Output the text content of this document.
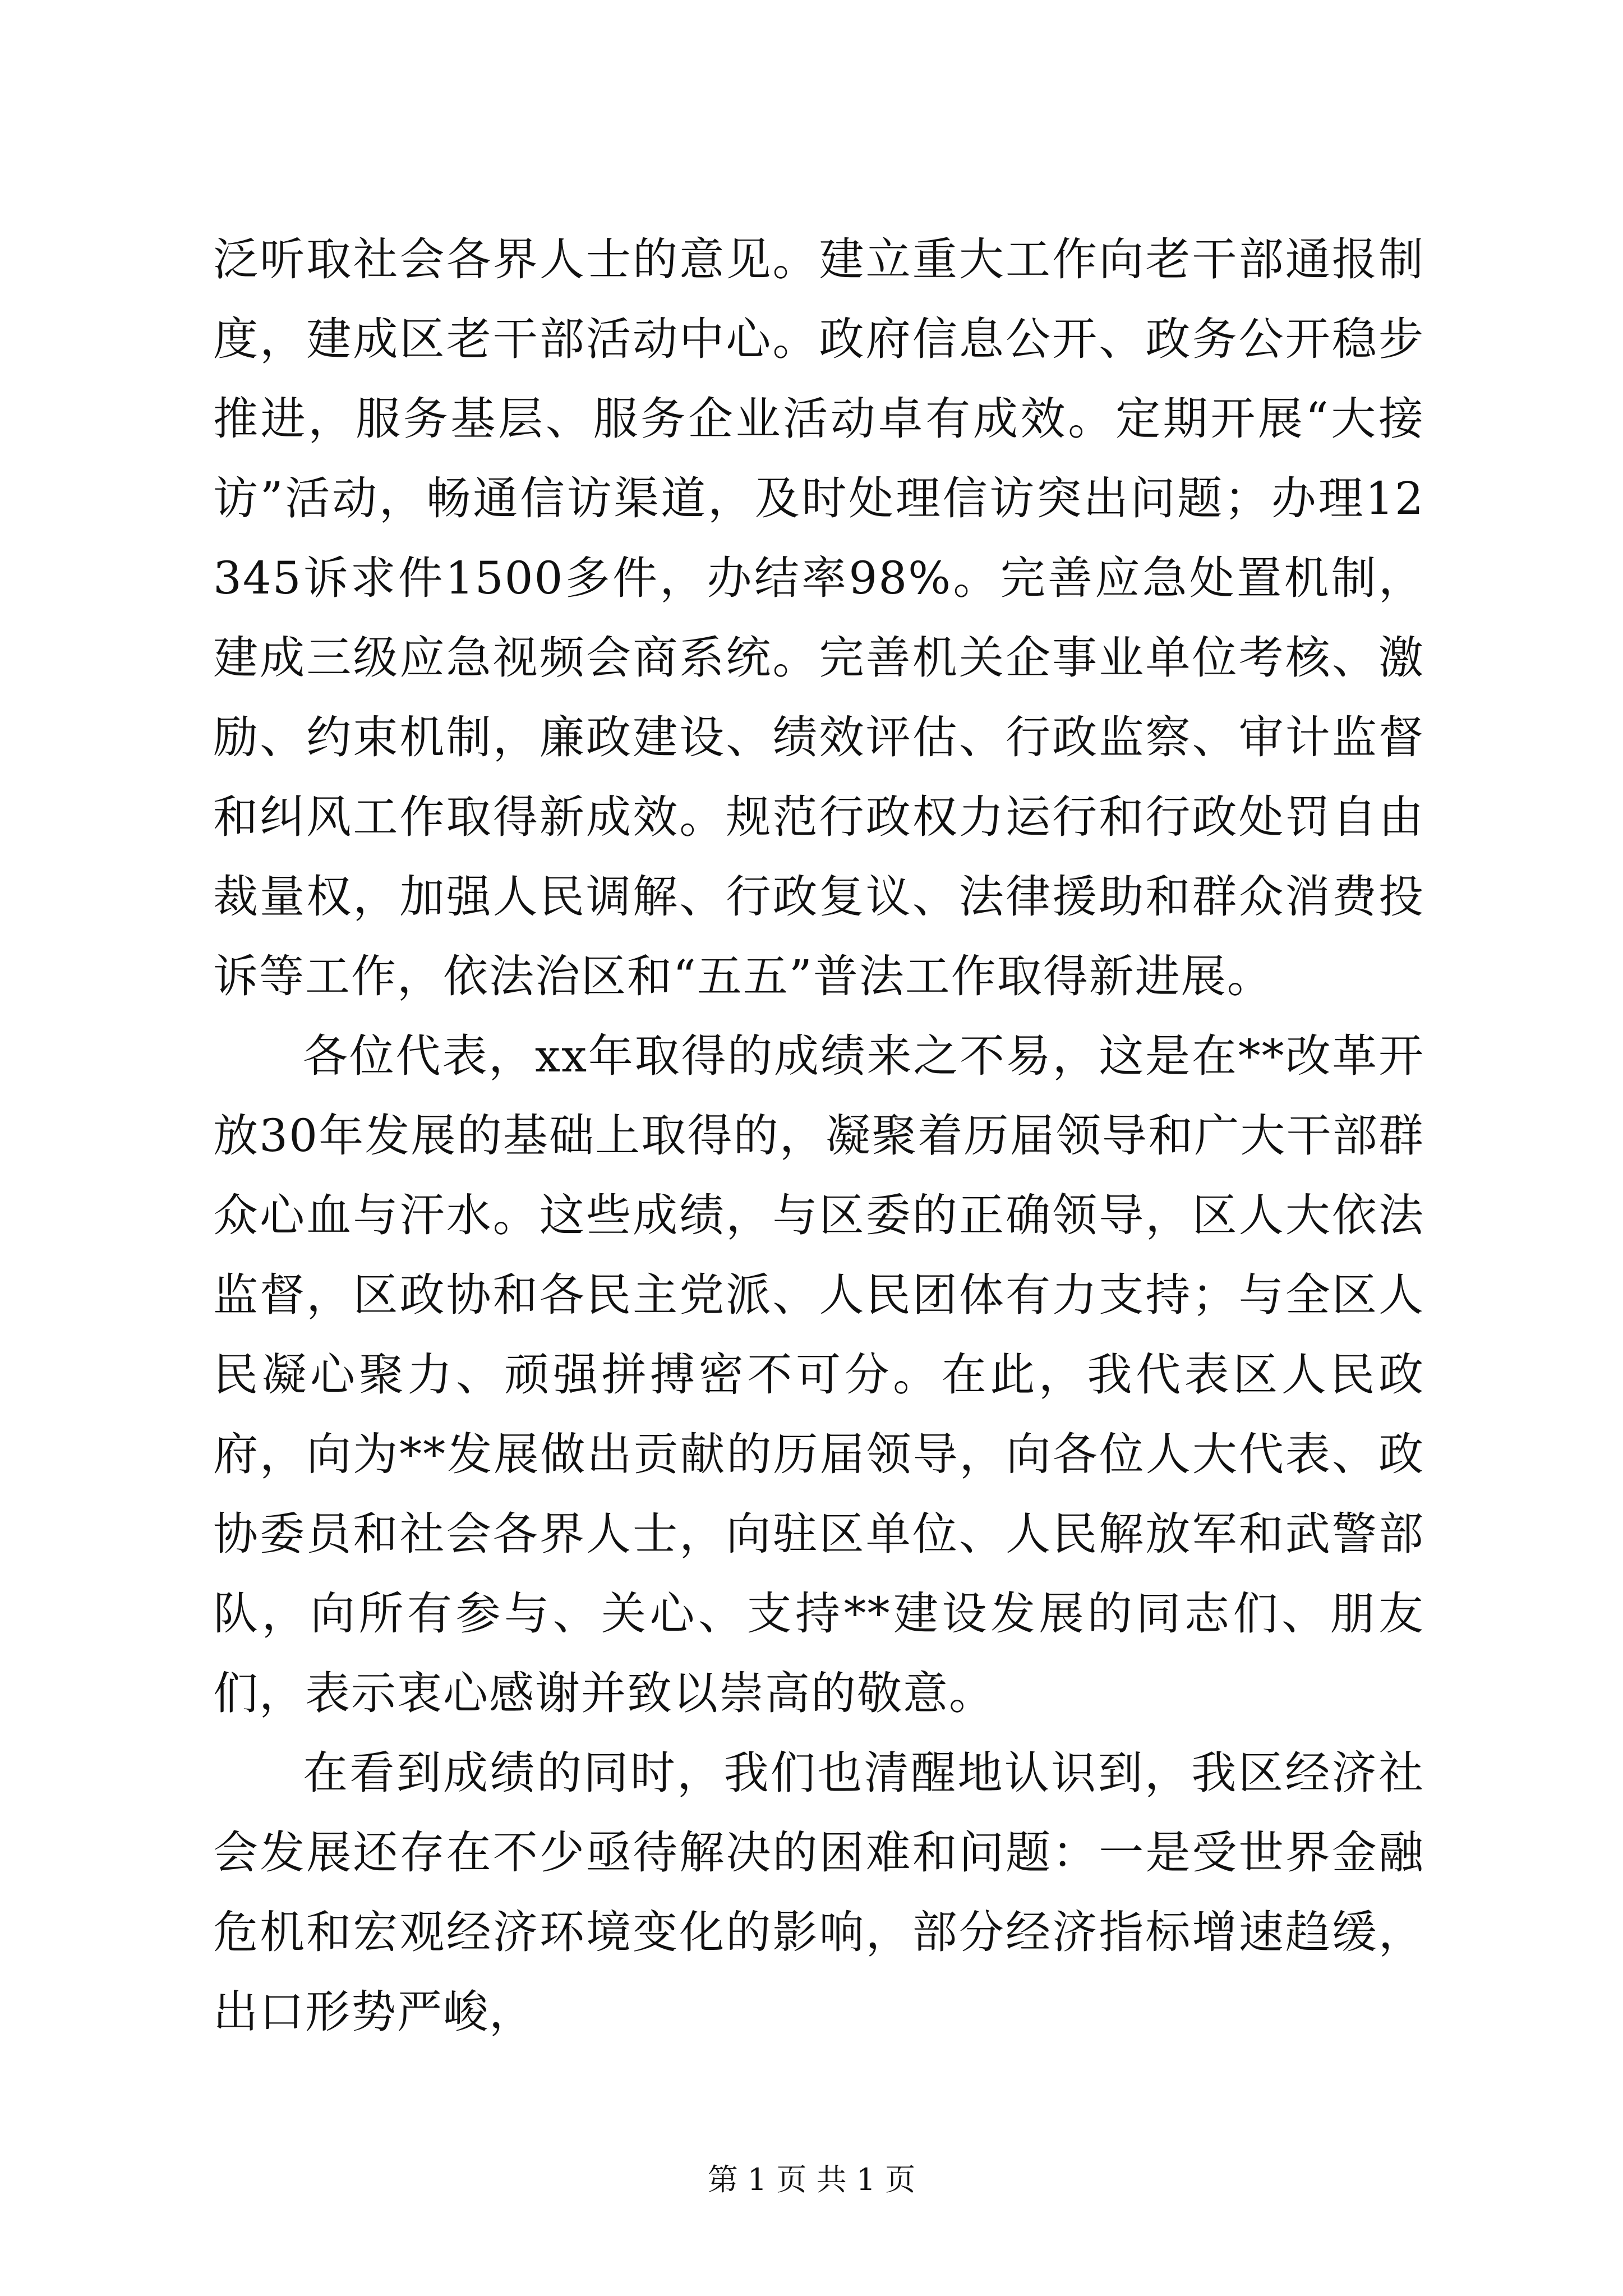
泛听取社会各界人士的意见。建立重大工作向老干部通报制度，建成区老干部活动中心。政府信息公开、政务公开稳步推进，服务基层、服务企业活动卓有成效。定期开展“大接访”活动，畅通信访渠道，及时处理信访突出问题；办理12345诉求件1500多件，办结率98%。完善应急处置机制，建成三级应急视频会商系统。完善机关企事业单位考核、激励、约束机制，廉政建设、绩效评估、行政监察、审计监督和纠风工作取得新成效。规范行政权力运行和行政处罚自由裁量权，加强人民调解、行政复议、法律援助和群众消费投诉等工作，依法治区和“五五”普法工作取得新进展。

各位代表，xx年取得的成绩来之不易，这是在**改革开放30年发展的基础上取得的，凝聚着历届领导和广大干部群众心血与汗水。这些成绩，与区委的正确领导，区人大依法监督，区政协和各民主党派、人民团体有力支持；与全区人民凝心聚力、顽强拼搏密不可分。在此，我代表区人民政府，向为**发展做出贡献的历届领导，向各位人大代表、政协委员和社会各界人士，向驻区单位、人民解放军和武警部队，向所有参与、关心、支持**建设发展的同志们、朋友们，表示衷心感谢并致以崇高的敬意。

在看到成绩的同时，我们也清醒地认识到，我区经济社会发展还存在不少亟待解决的困难和问题：一是受世界金融危机和宏观经济环境变化的影响，部分经济指标增速趋缓，出口形势严峻，

第 1 页 共 1 页
